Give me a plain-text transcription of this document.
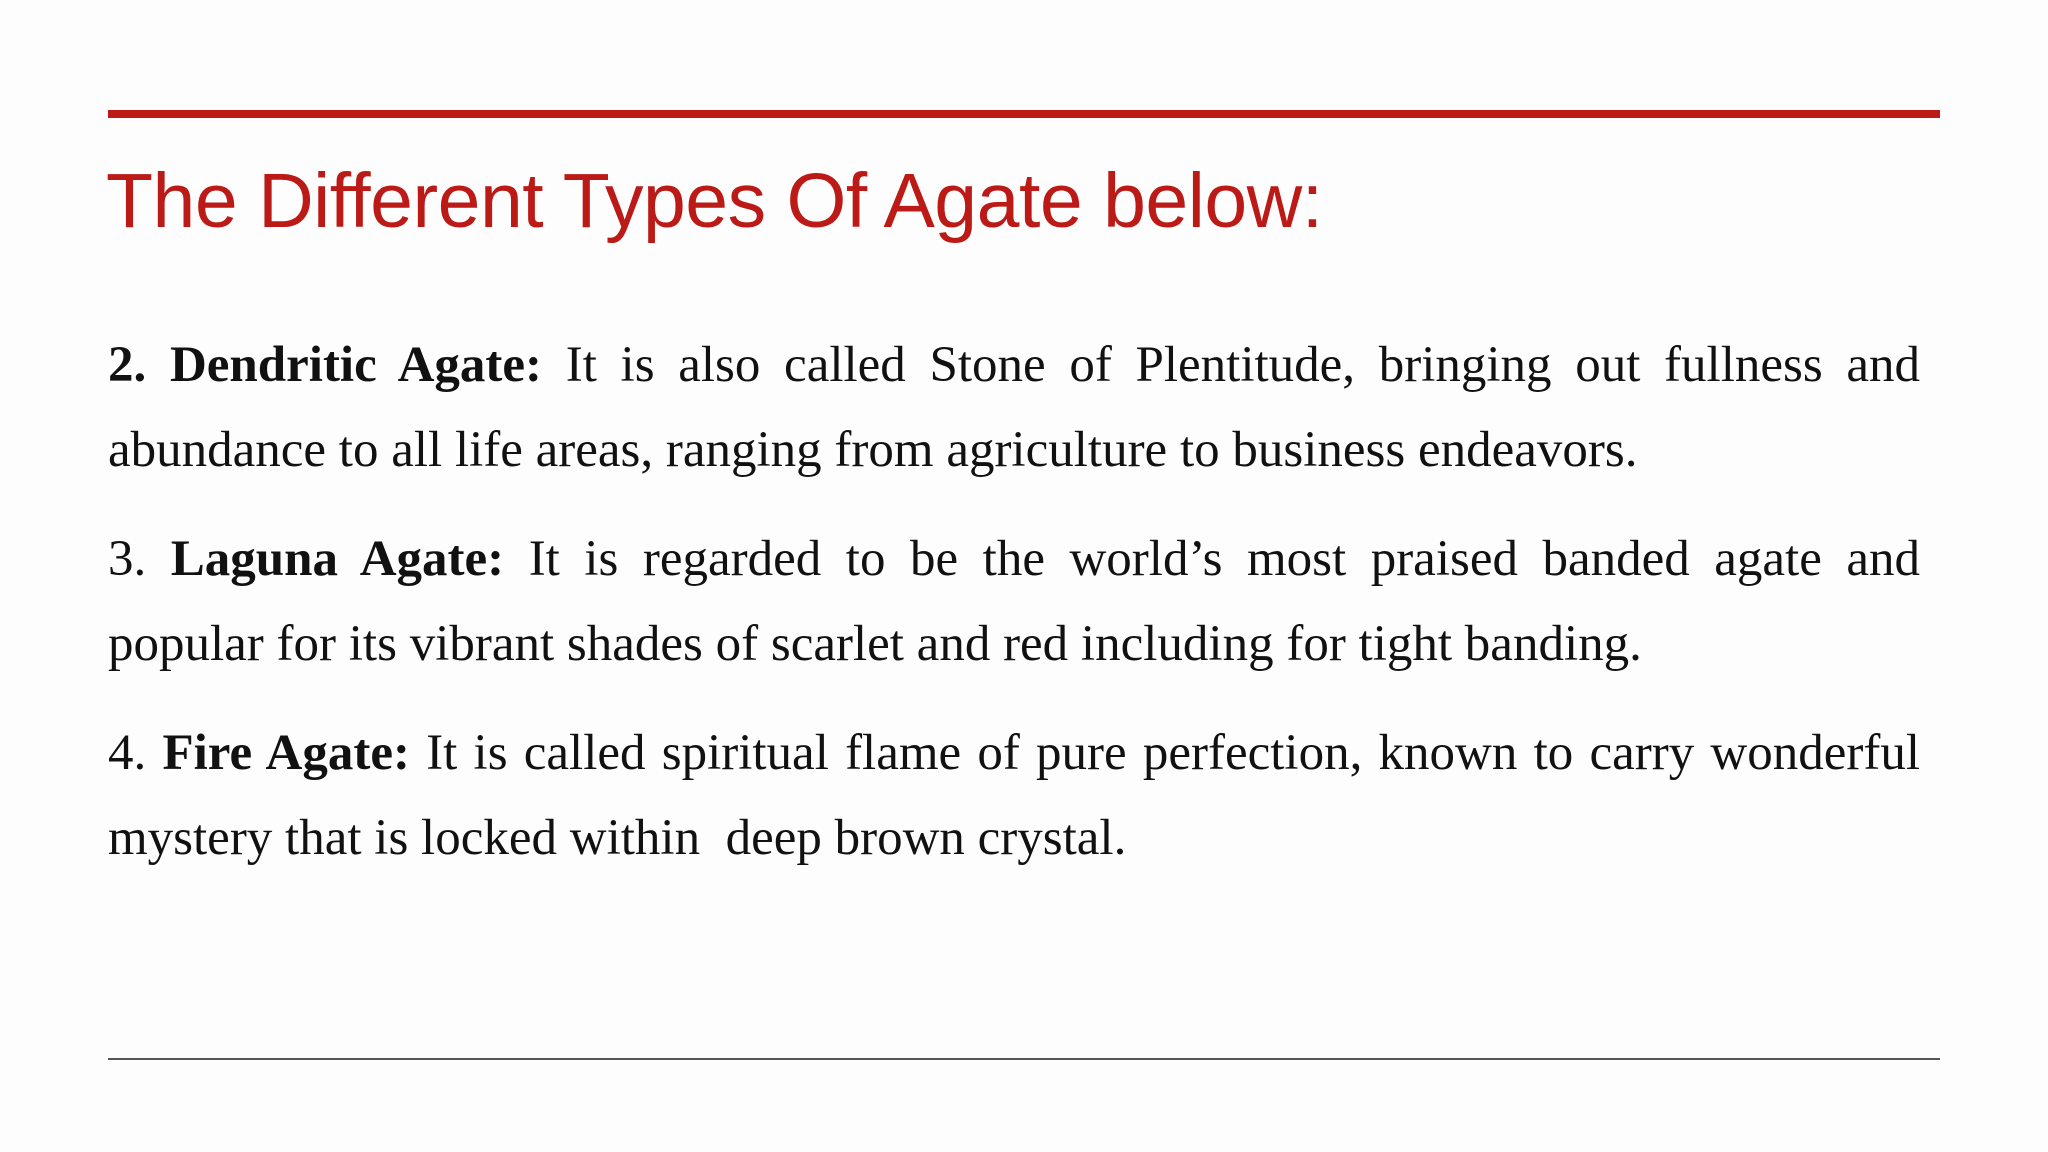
The Different Types Of Agate below:

2. Dendritic Agate: It is also called Stone of Plentitude, bringing out fullness and abundance to all life areas, ranging from agriculture to business endeavors.

3. Laguna Agate: It is regarded to be the world’s most praised banded agate and popular for its vibrant shades of scarlet and red including for tight banding.

4. Fire Agate: It is called spiritual flame of pure perfection, known to carry wonderful mystery that is locked within  deep brown crystal.
